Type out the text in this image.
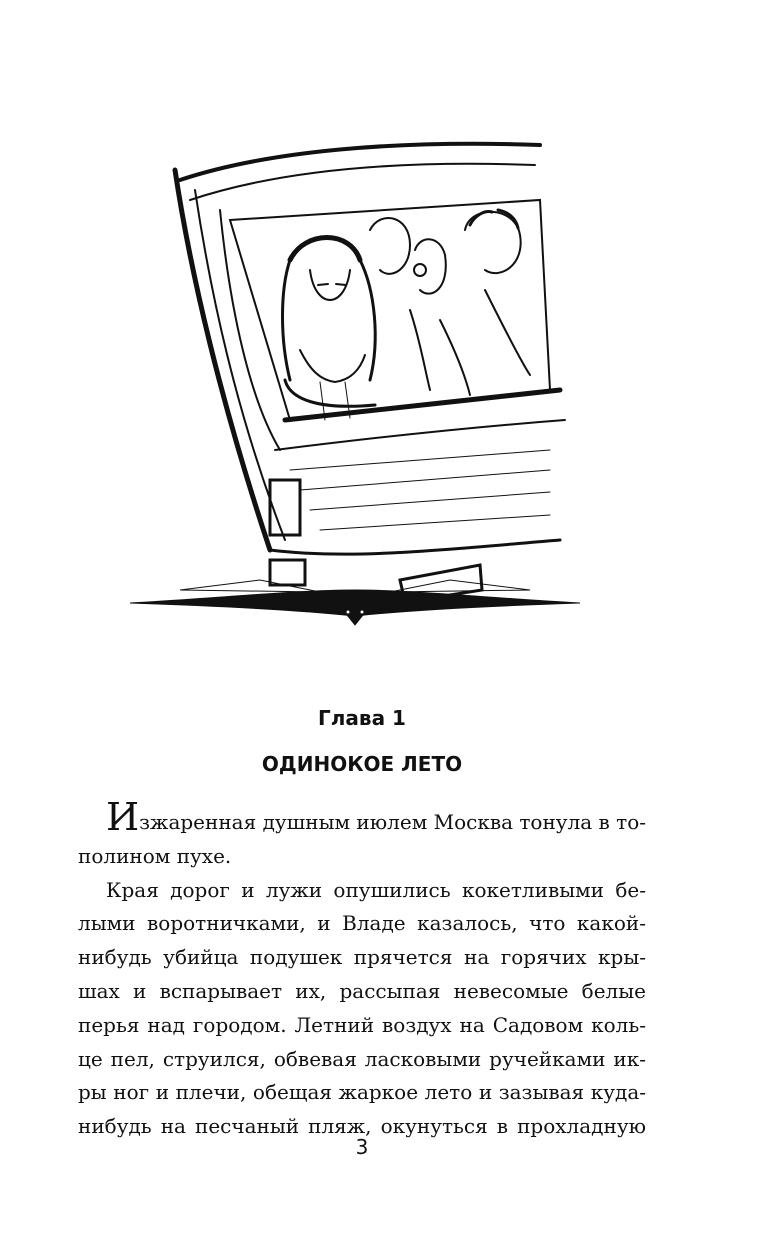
Глава 1
ОДИНОКОЕ ЛЕТО
Изжаренная душным июлем Москва тонула в то-
полином пухе.
Края дорог и лужи опушились кокетливыми бе-
лыми воротничками, и Владе казалось, что какой-
нибудь убийца подушек прячется на горячих кры-
шах и вспарывает их, рассыпая невесомые белые
перья над городом. Летний воздух на Садовом коль-
це пел, струился, обвевая ласковыми ручейками ик-
ры ног и плечи, обещая жаркое лето и зазывая куда-
нибудь на песчаный пляж, окунуться в прохладную
3
